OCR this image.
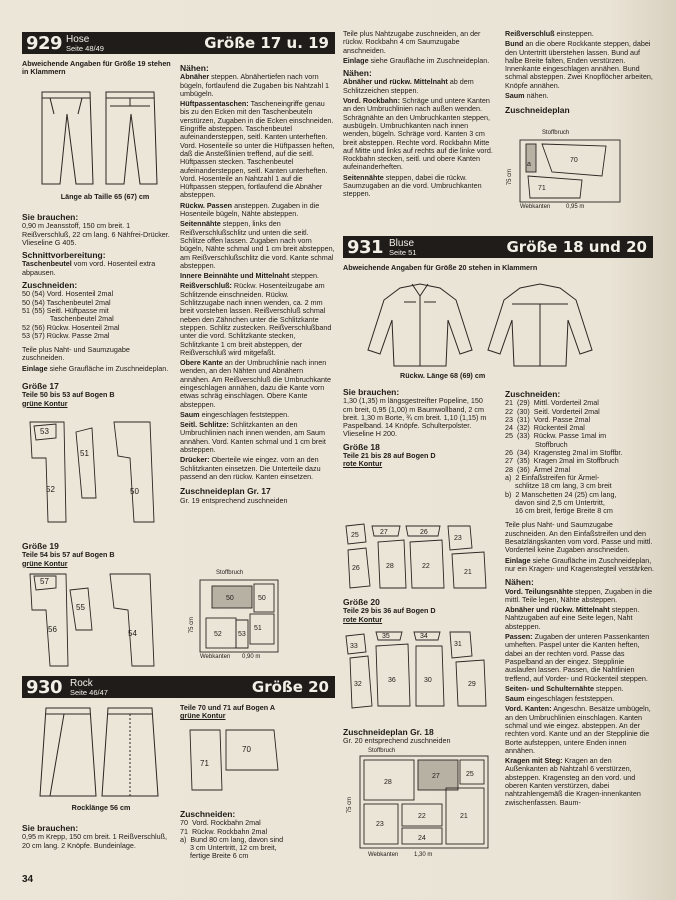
929 Hose
Seite 48/49	Größe 17 u. 19
Abweichende Angaben für Größe 19 stehen in Klammern
Länge ab Taille 65 (67) cm
Sie brauchen:

0,90 m Jeansstoff, 150 cm breit. 1 Reißverschluß, 22 cm lang. 6 Nähfrei-Drücker. Vlieseline G 405.

Schnittvorbereitung:

Taschenbeutel vom vord. Hosenteil extra abpausen.

Zuschneiden:
50 (54) Vord. Hosenteil 2mal
50 (54) Taschenbeutel 2mal
51 (55) Seitl. Hüftpasse mit
Taschenbeutel 2mal
52 (56) Rückw. Hosenteil 2mal
53 (57) Rückw. Passe 2mal

Teile plus Naht- und Saumzugabe zuschneiden.

Einlage siehe Graufläche im Zuschneideplan.

Größe 17
Teile 50 bis 53 auf Bogen B
grüne Kontur
53
52
51
50
Größe 19
Teile 54 bis 57 auf Bogen B
grüne Kontur
57
56
55
54
Nähen:

Abnäher steppen. Abnähertiefen nach vorn bügeln, fortlaufend die Zugaben bis Nahtzahl 1 umbügeln.

Hüftpassentaschen: Tascheneingriffe genau bis zu den Ecken mit den Taschenbeuteln verstürzen, Zugaben in die Ecken einschneiden. Eingriffe absteppen. Taschenbeutel aufeinandersteppen, seitl. Kanten unterheften. Vord. Hosenteile so unter die Hüftpassen heften, daß die Ansteßlinien treffend, auf die seitl. Hüftpassen stecken. Taschenbeutel aufeinandersteppen, seitl. Kanten unterheften. Vord. Hosenteile an Nahtzahl 1 auf die Hüftpassen steppen, fortlaufend die Abnäher absteppen.

Rückw. Passen ansteppen. Zugaben in die Hosenteile bügeln, Nähte absteppen.

Seitennähte steppen, links den Reißverschlußschlitz und unten die seitl. Schlitze offen lassen. Zugaben nach vorn bügeln, Nähte schmal und 1 cm breit absteppen, am Reißverschlußschlitz die vord. Kante schmal absteppen.

Innere Beinnähte und Mittelnaht steppen.

Reißverschluß: Rückw. Hosenteilzugabe am Schlitzende einschneiden. Rückw. Schlitzzugabe nach innen wenden, ca. 2 mm breit vorstehen lassen. Reißverschluß schmal neben den Zähnchen unter die Schlitzkante steppen. Schlitz zustecken. Reißverschlußband unter die vord. Schlitzkante stecken, Schlitzkante 1 cm breit absteppen, der Reißverschluß wird mitgefaßt.

Obere Kante an der Umbruchlinie nach innen wenden, an den Nähten und Abnähern annähen. Am Reißverschluß die Umbruchkante eingeschlagen annähen, dazu die Kante vorn etwas schräg einschlagen. Obere Kante absteppen.

Saum eingeschlagen feststeppen.

Seitl. Schlitze: Schlitzkanten an den Umbruchlinien nach innen wenden, am Saum annähen. Vord. Kanten schmal und 1 cm breit absteppen.

Drücker: Oberteile wie eingez. vorn an den Schlitzkanten einsetzen. Die Unterteile dazu passend an den rückw. Kanten einsetzen.

Zuschneideplan Gr. 17
Gr. 19 entsprechend zuschneiden
Stoffbruch
75 cm
50	50
51
52 53
Webkanten 0,90 m
930 Rock
Seite 46/47	Größe 20
Rocklänge 56 cm
Sie brauchen:

0,95 m Krepp, 150 cm breit. 1 Reißverschluß, 20 cm lang. 2 Knöpfe. Bundeinlage.

Teile 70 und 71 auf Bogen A
grüne Kontur
71
70
Zuschneiden:
70  Vord. Rockbahn 2mal
71  Rückw. Rockbahn 2mal
a)  Bund 80 cm lang, davon sind
3 cm Untertritt, 12 cm breit,
fertige Breite 6 cm

Teile plus Nahtzugabe zuschneiden, an der rückw. Rockbahn 4 cm Saumzugabe anschneiden.

Einlage siehe Graufläche im Zuschneideplan.

Nähen:

Abnäher und rückw. Mittelnaht ab dem Schlitzzeichen steppen.

Vord. Rockbahn: Schräge und untere Kanten an den Umbruchlinien nach außen wenden. Schrägnähte an den Umbruchkanten steppen, ausbügeln. Umbruchkanten nach innen wenden, bügeln. Schräge vord. Kanten 3 cm breit absteppen. Rechte vord. Rockbahn Mitte auf Mitte und links auf rechts auf die linke vord. Rockbahn stecken, seitl. und obere Kanten aufeinanderheften.

Seitennähte steppen, dabei die rückw. Saumzugaben an die vord. Umbruchkanten steppen.

Reißverschluß einsteppen.

Bund an die obere Rockkante steppen, dabei den Untertritt überstehen lassen. Bund auf halbe Breite falten, Enden verstürzen. Innenkante eingeschlagen annähen. Bund schmal absteppen. Zwei Knopflöcher arbeiten, Knöpfe annähen.

Saum nähen.

Zuschneideplan
Stoffbruch
75 cm
70
71
a
Webkanten	0,95 m
931 Bluse
Seite 51	Größe 18 und 20
Abweichende Angaben für Größe 20 stehen in Klammern
Rückw. Länge 68 (69) cm
Sie brauchen:

1,30 (1,35) m längsgestreifter Popeline, 150 cm breit, 0,95 (1,00) m Baumwollband, 2 cm breit. 1,30 m Borte, ¾ cm breit. 1,10 (1,15) m Paspelband. 14 Knöpfe. Schulterpolster. Vlieseline H 200.

Größe 18
Teile 21 bis 28 auf Bogen D
rote Kontur
25
26
27
28
26
22
23
21
Größe 20
Teile 29 bis 36 auf Bogen D
rote Kontur
33
32
35
36
34
30
31
29
Zuschneideplan Gr. 18
Gr. 20 entsprechend zuschneiden
Stoffbruch
75 cm
28
27	25
23
22	21
24
Webkanten	1,30 m
Zuschneiden:
21  (29)  Mittl. Vorderteil 2mal
22  (30)  Seitl. Vorderteil 2mal
23  (31)  Vord. Passe 2mal
24  (32)  Rückenteil 2mal
25  (33)  Rückw. Passe 1mal im
Stoffbruch
26  (34)  Kragensteg 2mal im Stoffbr.
27  (35)  Kragen 2mal im Stoffbruch
28  (36)  Ärmel 2mal
a)  2 Einfaßstreifen für Ärmel-
schlitze 18 cm lang, 3 cm breit
b)  2 Manschetten 24 (25) cm lang,
davon sind 2,5 cm Untertritt,
16 cm breit, fertige Breite 8 cm

Teile plus Naht- und Saumzugabe zuschneiden. An den Einfaßstreifen und den Besatzlängskanten vom vord. Passe und mittl. Vorderteil keine Zugaben anschneiden.

Einlage siehe Graufläche im Zuschneideplan, nur ein Kragen- und Kragenstegteil verstärken.

Nähen:

Vord. Teilungsnähte steppen, Zugaben in die mittl. Teile legen, Nähte absteppen.

Abnäher und rückw. Mittelnaht steppen. Nahtzugaben auf eine Seite legen, Naht absteppen.

Passen: Zugaben der unteren Passenkanten umheften. Paspel unter die Kanten heften, dabei an der rechten vord. Passe das Paspelband an der eingez. Stepplinie auslaufen lassen. Passen, die Nahtlinien treffend, auf Vorder- und Rückenteil steppen.

Seiten- und Schulternähte steppen.

Saum eingeschlagen feststeppen.

Vord. Kanten: Angeschn. Besätze umbügeln, an den Umbruchlinien einschlagen. Kanten schmal und wie eingez. absteppen. An der rechten vord. Kante und an der Stepplinie die Borte aufsteppen, untere Enden innen annähen.

Kragen mit Steg: Kragen an den Außenkanten ab Nahtzahl 6 verstürzen, absteppen. Kragensteg an den vord. und oberen Kanten verstürzen, dabei nahtzahlengemäß die Kragen-innenkanten zwischenfassen. Baum-

34
